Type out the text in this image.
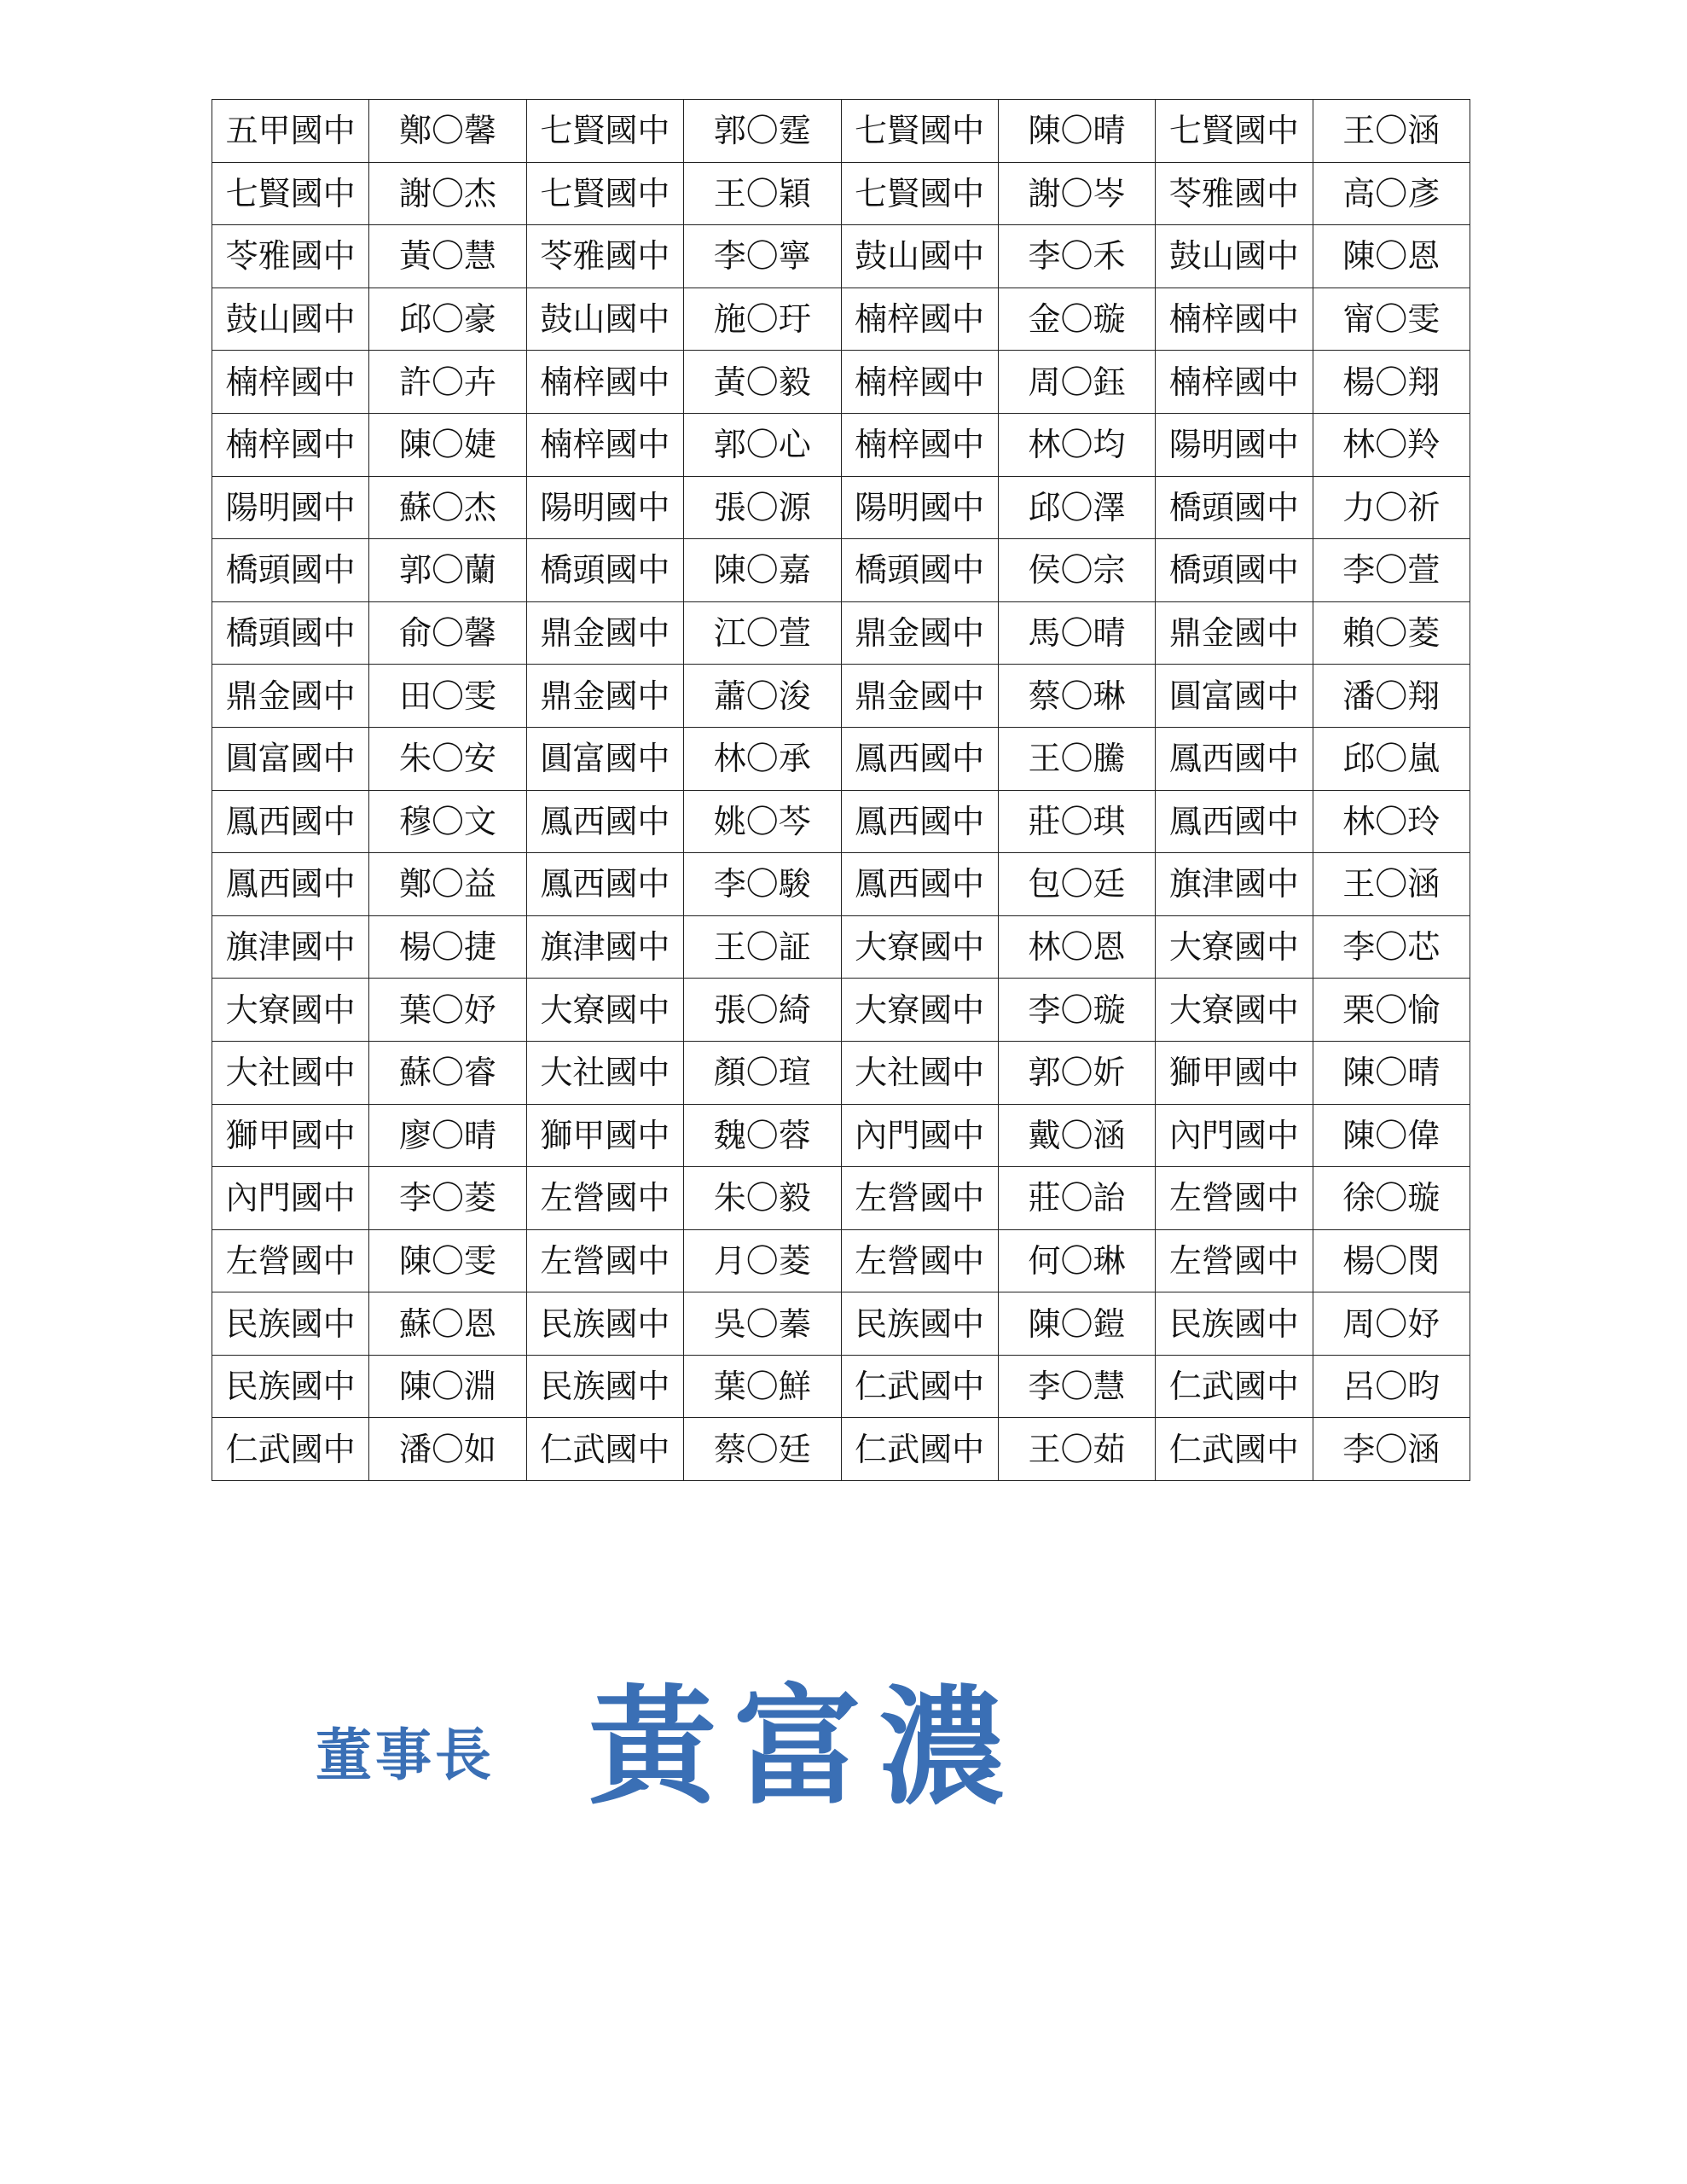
五甲國中	鄭〇馨	七賢國中	郭〇霆	七賢國中	陳〇晴	七賢國中	王〇涵
七賢國中	謝〇杰	七賢國中	王〇穎	七賢國中	謝〇岑	苓雅國中	高〇彥
苓雅國中	黃〇慧	苓雅國中	李〇寧	鼓山國中	李〇禾	鼓山國中	陳〇恩
鼓山國中	邱〇豪	鼓山國中	施〇玗	楠梓國中	金〇璇	楠梓國中	甯〇雯
楠梓國中	許〇卉	楠梓國中	黃〇毅	楠梓國中	周〇鈺	楠梓國中	楊〇翔
楠梓國中	陳〇婕	楠梓國中	郭〇心	楠梓國中	林〇均	陽明國中	林〇羚
陽明國中	蘇〇杰	陽明國中	張〇源	陽明國中	邱〇澤	橋頭國中	力〇祈
橋頭國中	郭〇蘭	橋頭國中	陳〇嘉	橋頭國中	侯〇宗	橋頭國中	李〇萱
橋頭國中	俞〇馨	鼎金國中	江〇萱	鼎金國中	馬〇晴	鼎金國中	賴〇菱
鼎金國中	田〇雯	鼎金國中	蕭〇浚	鼎金國中	蔡〇琳	圓富國中	潘〇翔
圓富國中	朱〇安	圓富國中	林〇承	鳳西國中	王〇騰	鳳西國中	邱〇嵐
鳳西國中	穆〇文	鳳西國中	姚〇芩	鳳西國中	莊〇琪	鳳西國中	林〇玲
鳳西國中	鄭〇益	鳳西國中	李〇駿	鳳西國中	包〇廷	旗津國中	王〇涵
旗津國中	楊〇捷	旗津國中	王〇証	大寮國中	林〇恩	大寮國中	李〇芯
大寮國中	葉〇妤	大寮國中	張〇綺	大寮國中	李〇璇	大寮國中	栗〇愉
大社國中	蘇〇睿	大社國中	顏〇瑄	大社國中	郭〇妡	獅甲國中	陳〇晴
獅甲國中	廖〇晴	獅甲國中	魏〇蓉	內門國中	戴〇涵	內門國中	陳〇偉
內門國中	李〇菱	左營國中	朱〇毅	左營國中	莊〇詒	左營國中	徐〇璇
左營國中	陳〇雯	左營國中	月〇菱	左營國中	何〇琳	左營國中	楊〇閔
民族國中	蘇〇恩	民族國中	吳〇蓁	民族國中	陳〇鎧	民族國中	周〇妤
民族國中	陳〇淵	民族國中	葉〇鮮	仁武國中	李〇慧	仁武國中	呂〇昀
仁武國中	潘〇如	仁武國中	蔡〇廷	仁武國中	王〇茹	仁武國中	李〇涵
董事長 黃富濃
